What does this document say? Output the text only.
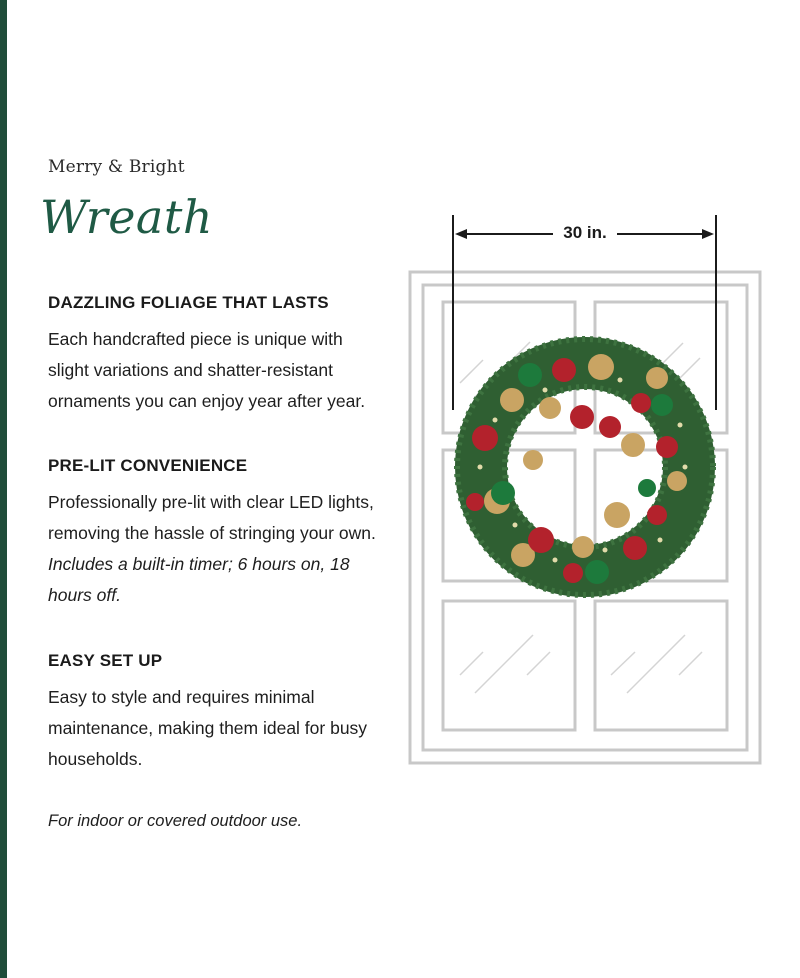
Merry & Bright
Wreath
DAZZLING FOLIAGE THAT LASTS

Each handcrafted piece is unique with slight variations and shatter-resistant ornaments you can enjoy year after year.

PRE-LIT CONVENIENCE

Professionally pre-lit with clear LED lights, removing the hassle of stringing your own. Includes a built-in timer; 6 hours on, 18 hours off.

EASY SET UP

Easy to style and requires minimal maintenance, making them ideal for busy households.

For indoor or covered outdoor use.
30 in.
